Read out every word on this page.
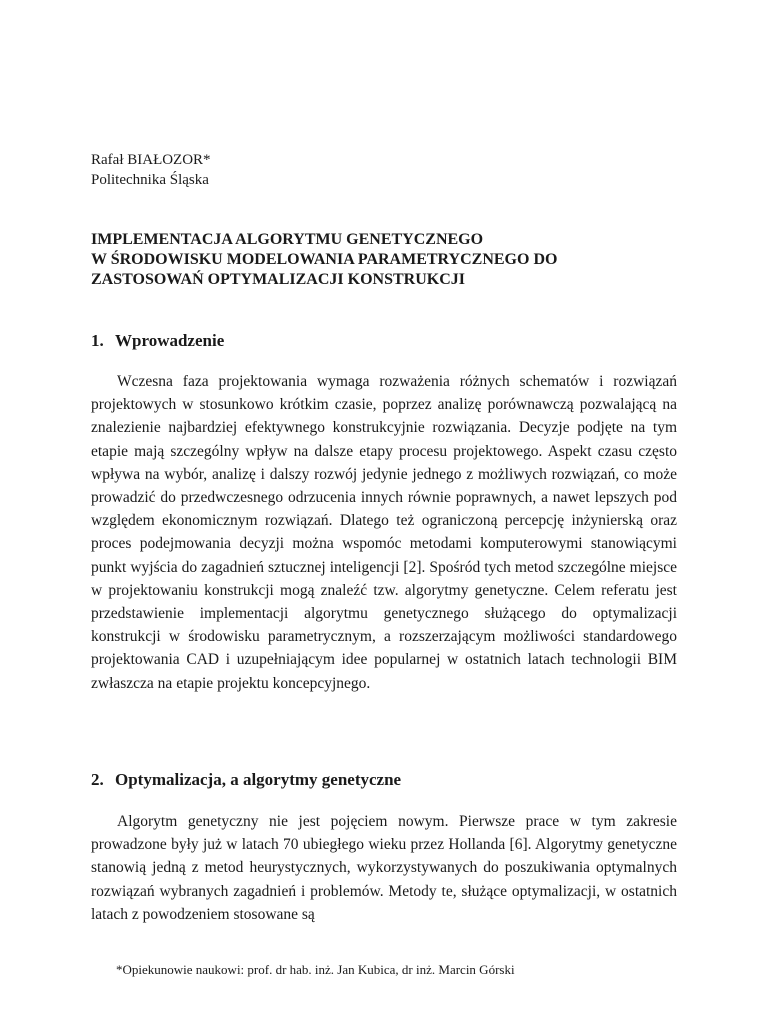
Rafał BIAŁOZOR*
Politechnika Śląska
IMPLEMENTACJA ALGORYTMU GENETYCZNEGO
W ŚRODOWISKU MODELOWANIA PARAMETRYCZNEGO DO
ZASTOSOWAŃ OPTYMALIZACJI KONSTRUKCJI
1. Wprowadzenie

Wczesna faza projektowania wymaga rozważenia różnych schematów i rozwiązań projektowych w stosunkowo krótkim czasie, poprzez analizę porównawczą pozwalającą na znalezienie najbardziej efektywnego konstrukcyjnie rozwiązania. Decyzje podjęte na tym etapie mają szczególny wpływ na dalsze etapy procesu projektowego. Aspekt czasu często wpływa na wybór, analizę i dalszy rozwój jedynie jednego z możliwych rozwiązań, co może prowadzić do przedwczesnego odrzucenia innych równie poprawnych, a nawet lepszych pod względem ekonomicznym rozwiązań. Dlatego też ograniczoną percepcję inżynierską oraz proces podejmowania decyzji można wspomóc metodami komputerowymi stanowiącymi punkt wyjścia do zagadnień sztucznej inteligencji [2]. Spośród tych metod szczególne miejsce w projektowaniu konstrukcji mogą znaleźć tzw. algorytmy genetyczne. Celem referatu jest przedstawienie implementacji algorytmu genetycznego służącego do optymalizacji konstrukcji w środowisku parametrycznym, a rozszerzającym możliwości standardowego projektowania CAD i uzupełniającym idee popularnej w ostatnich latach technologii BIM zwłaszcza na etapie projektu koncepcyjnego.

2. Optymalizacja, a algorytmy genetyczne

Algorytm genetyczny nie jest pojęciem nowym. Pierwsze prace w tym zakresie prowadzone były już w latach 70 ubiegłego wieku przez Hollanda [6]. Algorytmy genetyczne stanowią jedną z metod heurystycznych, wykorzystywanych do poszukiwania optymalnych rozwiązań wybranych zagadnień i problemów. Metody te, służące optymalizacji, w ostatnich latach z powodzeniem stosowane są

*Opiekunowie naukowi: prof. dr hab. inż. Jan Kubica, dr inż. Marcin Górski
